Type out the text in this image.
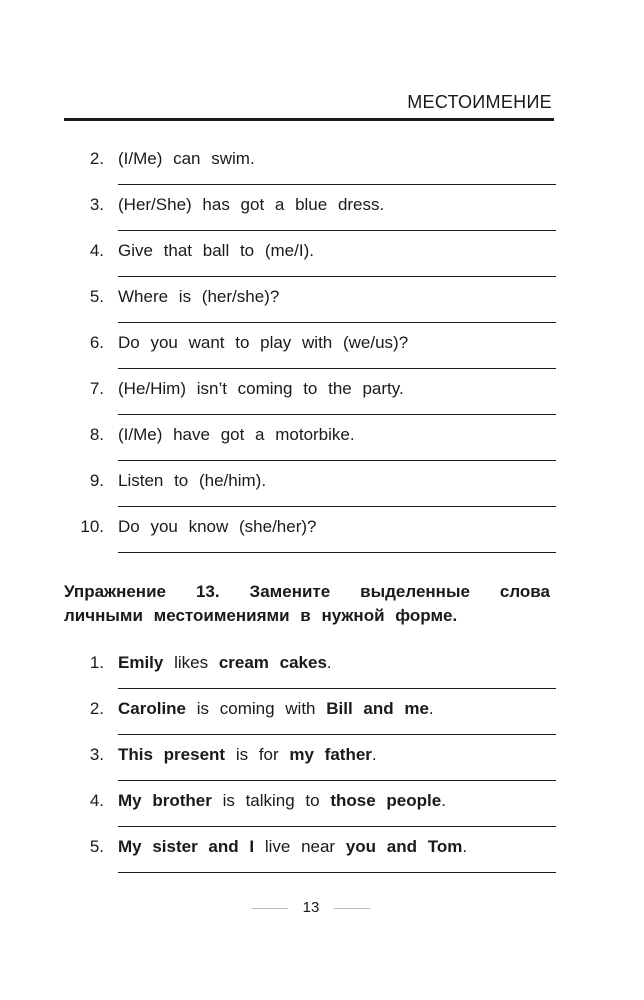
МЕСТОИМЕНИЕ
2. (I/Me) can swim.
3. (Her/She) has got a blue dress.
4. Give that ball to (me/I).
5. Where is (her/she)?
6. Do you want to play with (we/us)?
7. (He/Him) isn’t coming to the party.
8. (I/Me) have got a motorbike.
9. Listen to (he/him).
10. Do you know (she/her)?
Упражнение 13. Замените выделенные слова
личными местоимениями в нужной форме.
1. Emily likes cream cakes.
2. Caroline is coming with Bill and me.
3. This present is for my father.
4. My brother is talking to those people.
5. My sister and I live near you and Tom.
13
